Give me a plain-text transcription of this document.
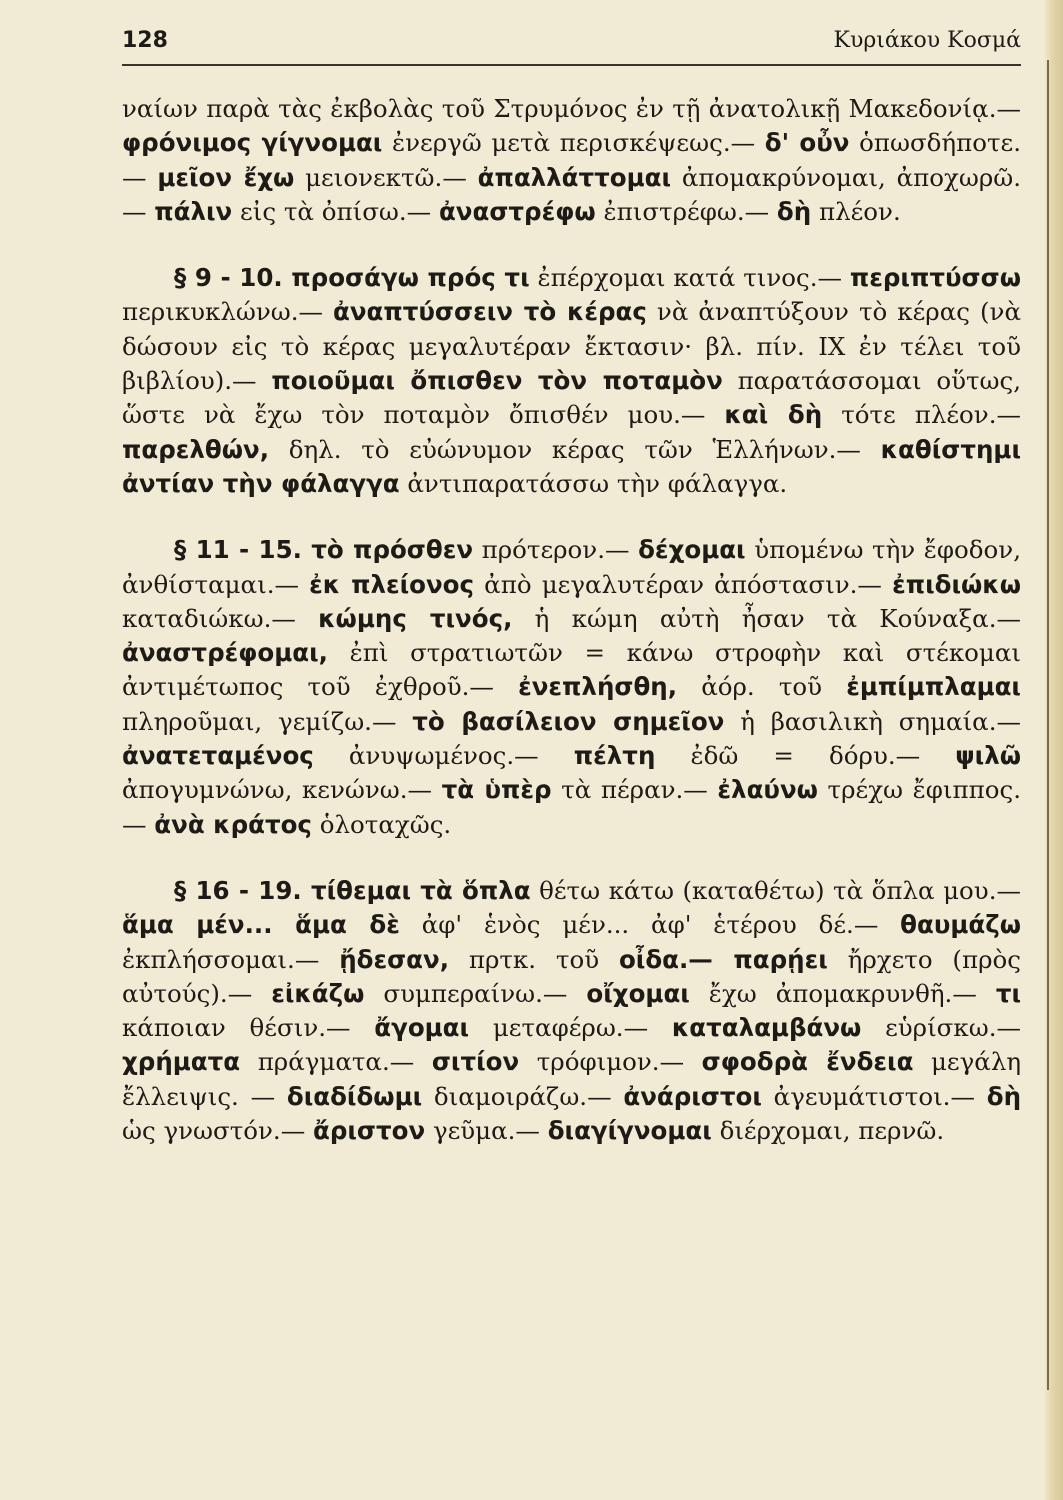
128	Κυριάκου Κοσμά

ναίων παρὰ τὰς ἐκβολὰς τοῦ Στρυμόνος ἐν τῇ ἀνατολικῇ Μακεδονίᾳ.— φρόνιμος γίγνομαι ἐνεργῶ μετὰ περισκέψεως.— δ' οὖν ὁπωσδήποτε.— μεῖον ἔχω μειονεκτῶ.— ἀπαλλάττομαι ἀπομακρύνομαι, ἀποχωρῶ. — πάλιν εἰς τὰ ὀπίσω.— ἀναστρέφω ἐπιστρέφω.— δὴ πλέον.

§ 9 - 10. προσάγω πρός τι ἐπέρχομαι κατά τινος.— περιπτύσσω περικυκλώνω.— ἀναπτύσσειν τὸ κέρας νὰ ἀναπτύξουν τὸ κέρας (νὰ δώσουν εἰς τὸ κέρας μεγαλυτέραν ἔκτασιν· βλ. πίν. ΙΧ ἐν τέλει τοῦ βιβλίου).— ποιοῦμαι ὄπισθεν τὸν ποταμὸν παρατάσσομαι οὕτως, ὥστε νὰ ἔχω τὸν ποταμὸν ὄπισθέν μου.— καὶ δὴ τότε πλέον.— παρελθών, δηλ. τὸ εὐώνυμον κέρας τῶν Ἑλλήνων.— καθίστημι ἀντίαν τὴν φάλαγγα ἀντιπαρατάσσω τὴν φάλαγγα.

§ 11 - 15. τὸ πρόσθεν πρότερον.— δέχομαι ὑπομένω τὴν ἔφοδον, ἀνθίσταμαι.— ἐκ πλείονος ἀπὸ μεγαλυτέραν ἀπόστασιν.— ἐπιδιώκω καταδιώκω.— κώμης τινός, ἡ κώμη αὐτὴ ἦσαν τὰ Κούναξα.— ἀναστρέφομαι, ἐπὶ στρατιωτῶν = κάνω στροφὴν καὶ στέκομαι ἀντιμέτωπος τοῦ ἐχθροῦ.— ἐνεπλήσθη, ἀόρ. τοῦ ἐμπίμπλαμαι πληροῦμαι, γεμίζω.— τὸ βασίλειον σημεῖον ἡ βασιλικὴ σημαία.— ἀνατεταμένος ἀνυψωμένος.— πέλτη ἐδῶ = δόρυ.— ψιλῶ ἀπογυμνώνω, κενώνω.— τὰ ὑπὲρ τὰ πέραν.— ἐλαύνω τρέχω ἔφιππος.— ἀνὰ κράτος ὁλοταχῶς.

§ 16 - 19. τίθεμαι τὰ ὅπλα θέτω κάτω (καταθέτω) τὰ ὅπλα μου.— ἅμα μέν... ἅμα δὲ ἀφ' ἑνὸς μέν... ἀφ' ἑτέρου δέ.— θαυμάζω ἐκπλήσσομαι.— ᾔδεσαν, πρτκ. τοῦ οἶδα.— παρῄει ἤρχετο (πρὸς αὐτούς).— εἰκάζω συμπεραίνω.— οἴχομαι ἔχω ἀπομακρυνθῆ.— τι κάποιαν θέσιν.— ἄγομαι μεταφέρω.— καταλαμβάνω εὑρίσκω.— χρήματα πράγματα.— σιτίον τρόφιμον.— σφοδρὰ ἔνδεια μεγάλη ἔλλειψις. — διαδίδωμι διαμοιράζω.— ἀνάριστοι ἀγευμάτιστοι.— δὴ ὡς γνωστόν.— ἄριστον γεῦμα.— διαγίγνομαι διέρχομαι, περνῶ.
